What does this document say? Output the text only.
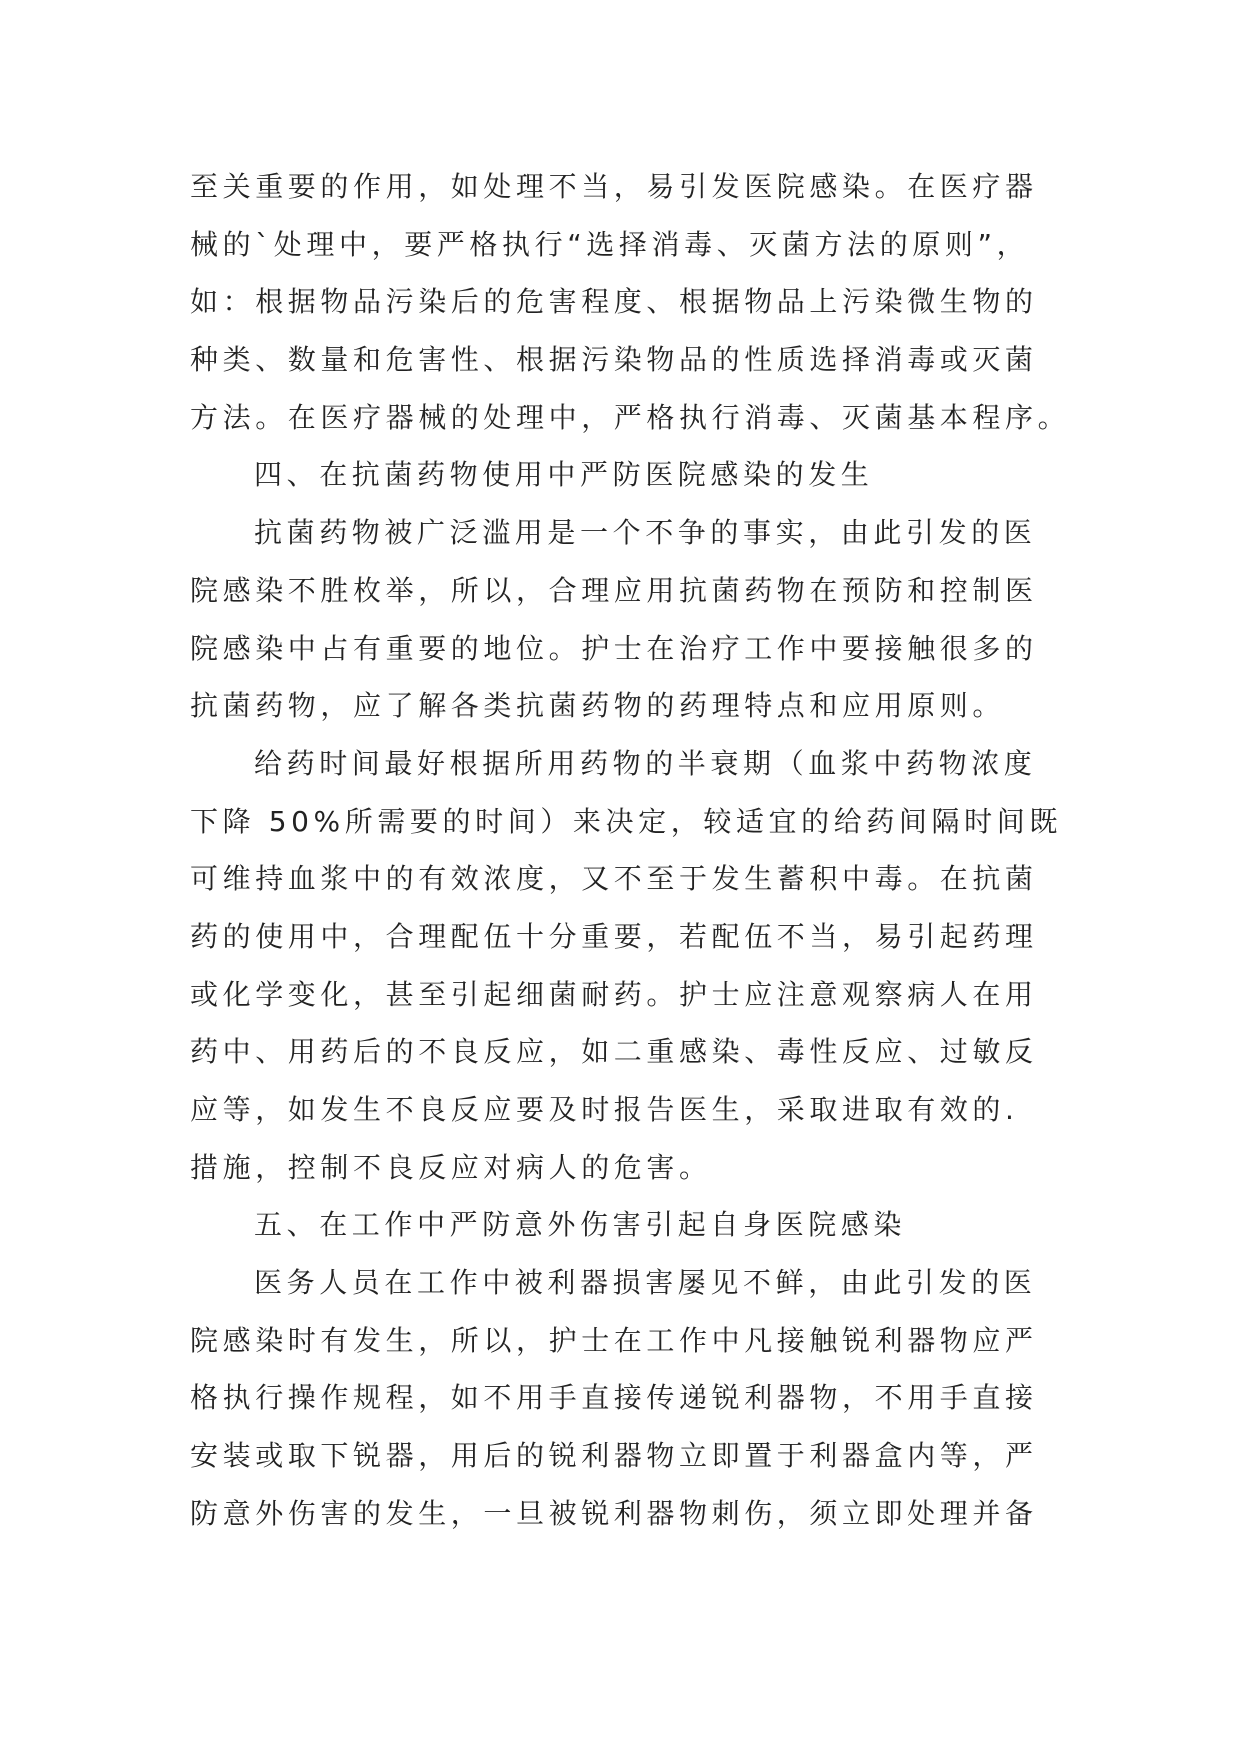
至关重要的作用，如处理不当，易引发医院感染。在医疗器
械的`处理中，要严格执行“选择消毒、灭菌方法的原则”，
如：根据物品污染后的危害程度、根据物品上污染微生物的
种类、数量和危害性、根据污染物品的性质选择消毒或灭菌
方法。在医疗器械的处理中，严格执行消毒、灭菌基本程序。
四、在抗菌药物使用中严防医院感染的发生
抗菌药物被广泛滥用是一个不争的事实，由此引发的医
院感染不胜枚举，所以，合理应用抗菌药物在预防和控制医
院感染中占有重要的地位。护士在治疗工作中要接触很多的
抗菌药物，应了解各类抗菌药物的药理特点和应用原则。
给药时间最好根据所用药物的半衰期（血浆中药物浓度
下降 50%所需要的时间）来决定，较适宜的给药间隔时间既
可维持血浆中的有效浓度，又不至于发生蓄积中毒。在抗菌
药的使用中，合理配伍十分重要，若配伍不当，易引起药理
或化学变化，甚至引起细菌耐药。护士应注意观察病人在用
药中、用药后的不良反应，如二重感染、毒性反应、过敏反
应等，如发生不良反应要及时报告医生，采取进取有效的.
措施，控制不良反应对病人的危害。
五、在工作中严防意外伤害引起自身医院感染
医务人员在工作中被利器损害屡见不鲜，由此引发的医
院感染时有发生，所以，护士在工作中凡接触锐利器物应严
格执行操作规程，如不用手直接传递锐利器物，不用手直接
安装或取下锐器，用后的锐利器物立即置于利器盒内等，严
防意外伤害的发生，一旦被锐利器物刺伤，须立即处理并备
